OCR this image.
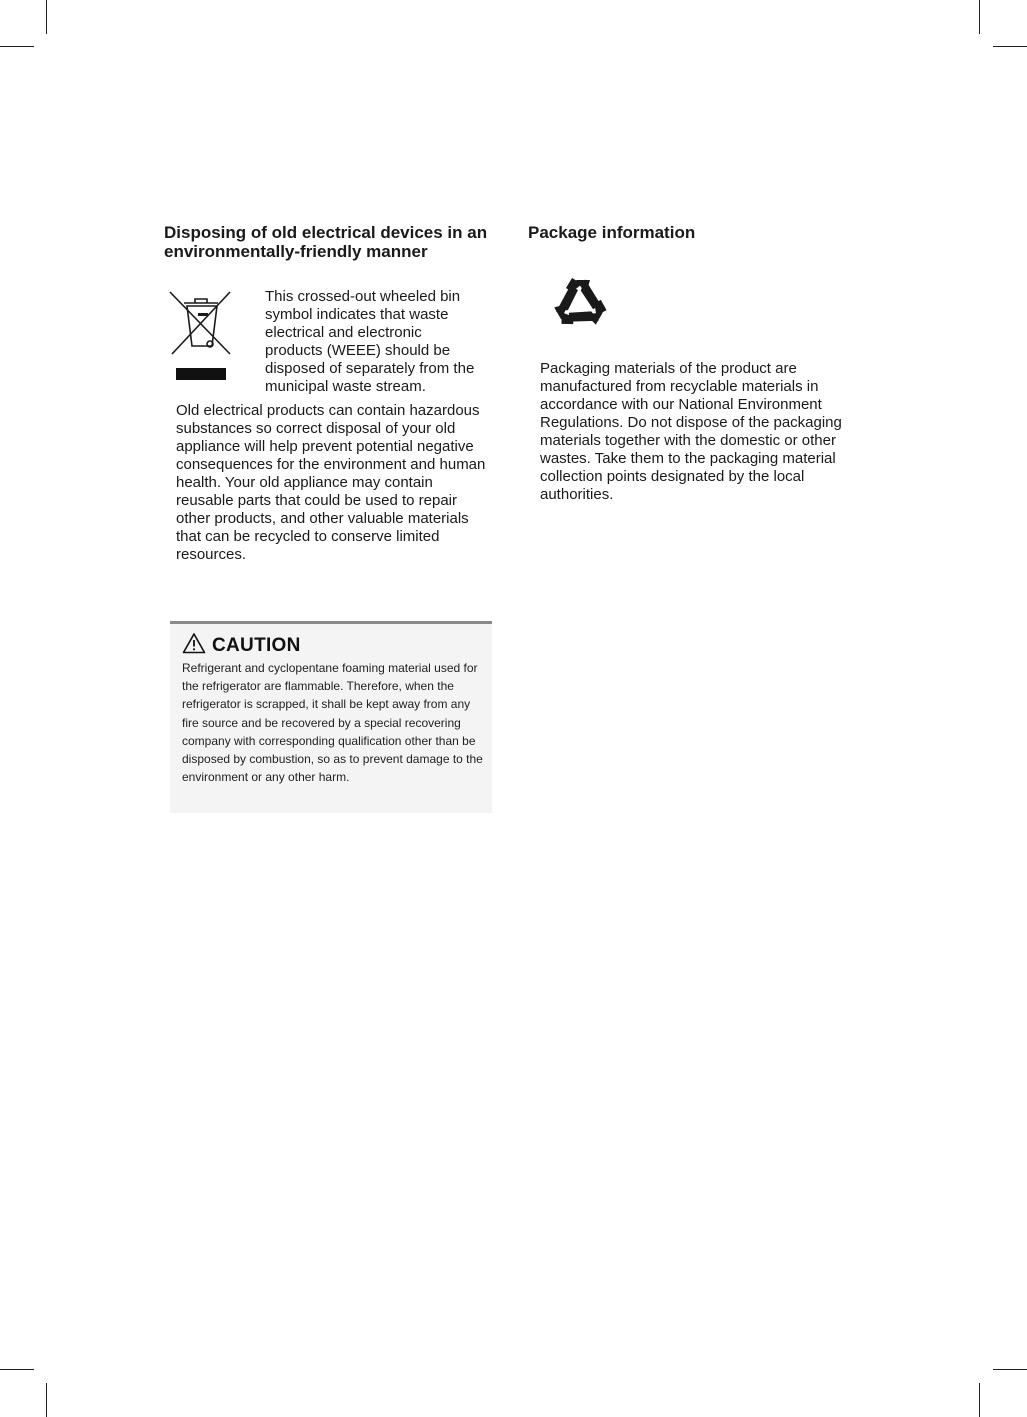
Disposing of old electrical devices in an environmentally-friendly manner

This crossed-out wheeled bin symbol indicates that waste electrical and electronic products (WEEE) should be disposed of separately from the municipal waste stream.

Old electrical products can contain hazardous substances so correct disposal of your old appliance will help prevent potential negative consequences for the environment and human health. Your old appliance may contain reusable parts that could be used to repair other products, and other valuable materials that can be recycled to conserve limited resources.

CAUTION

Refrigerant and cyclopentane foaming material used for the refrigerator are flammable. Therefore, when the refrigerator is scrapped, it shall be kept away from any fire source and be recovered by a special recovering company with corresponding qualification other than be disposed by combustion, so as to prevent damage to the environment or any other harm.

Package information

Packaging materials of the product are manufactured from recyclable materials in accordance with our National Environment Regulations. Do not dispose of the packaging materials together with the domestic or other wastes. Take them to the packaging material collection points designated by the local authorities.
